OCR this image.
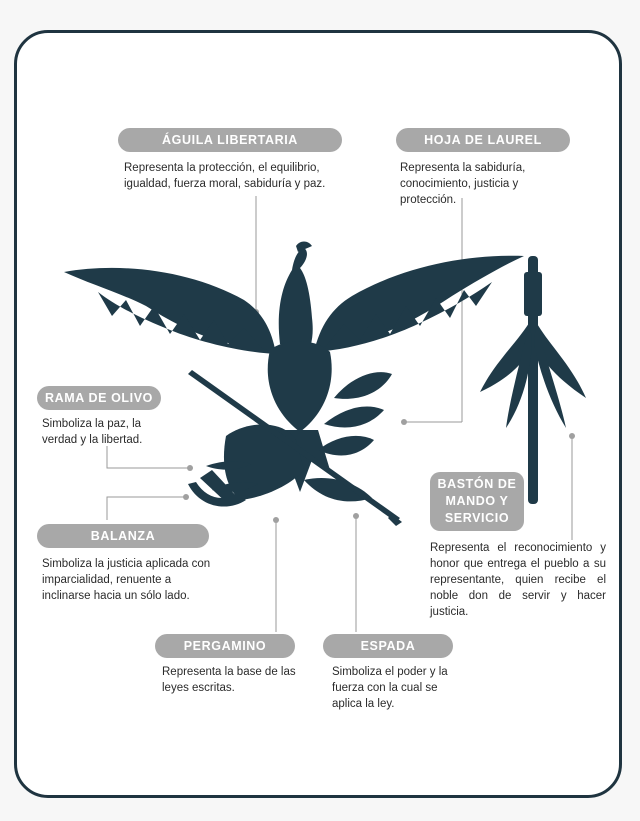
ÁGUILA LIBERTARIA
Representa la protección, el equilibrio, igualdad, fuerza moral, sabiduría y paz.
HOJA DE LAUREL
Representa la sabiduría, conocimiento, justicia y protección.
RAMA DE OLIVO
Simboliza la paz, la verdad y la libertad.
BASTÓN DE MANDO Y SERVICIO
Representa el reconocimiento y honor que entrega el pueblo a su representante, quien recibe el noble don de servir y hacer justicia.
BALANZA
Simboliza la justicia aplicada con imparcialidad, renuente a inclinarse hacia un sólo lado.
PERGAMINO
Representa la base de las leyes escritas.
ESPADA
Simboliza el poder y la fuerza con la cual se aplica la ley.
